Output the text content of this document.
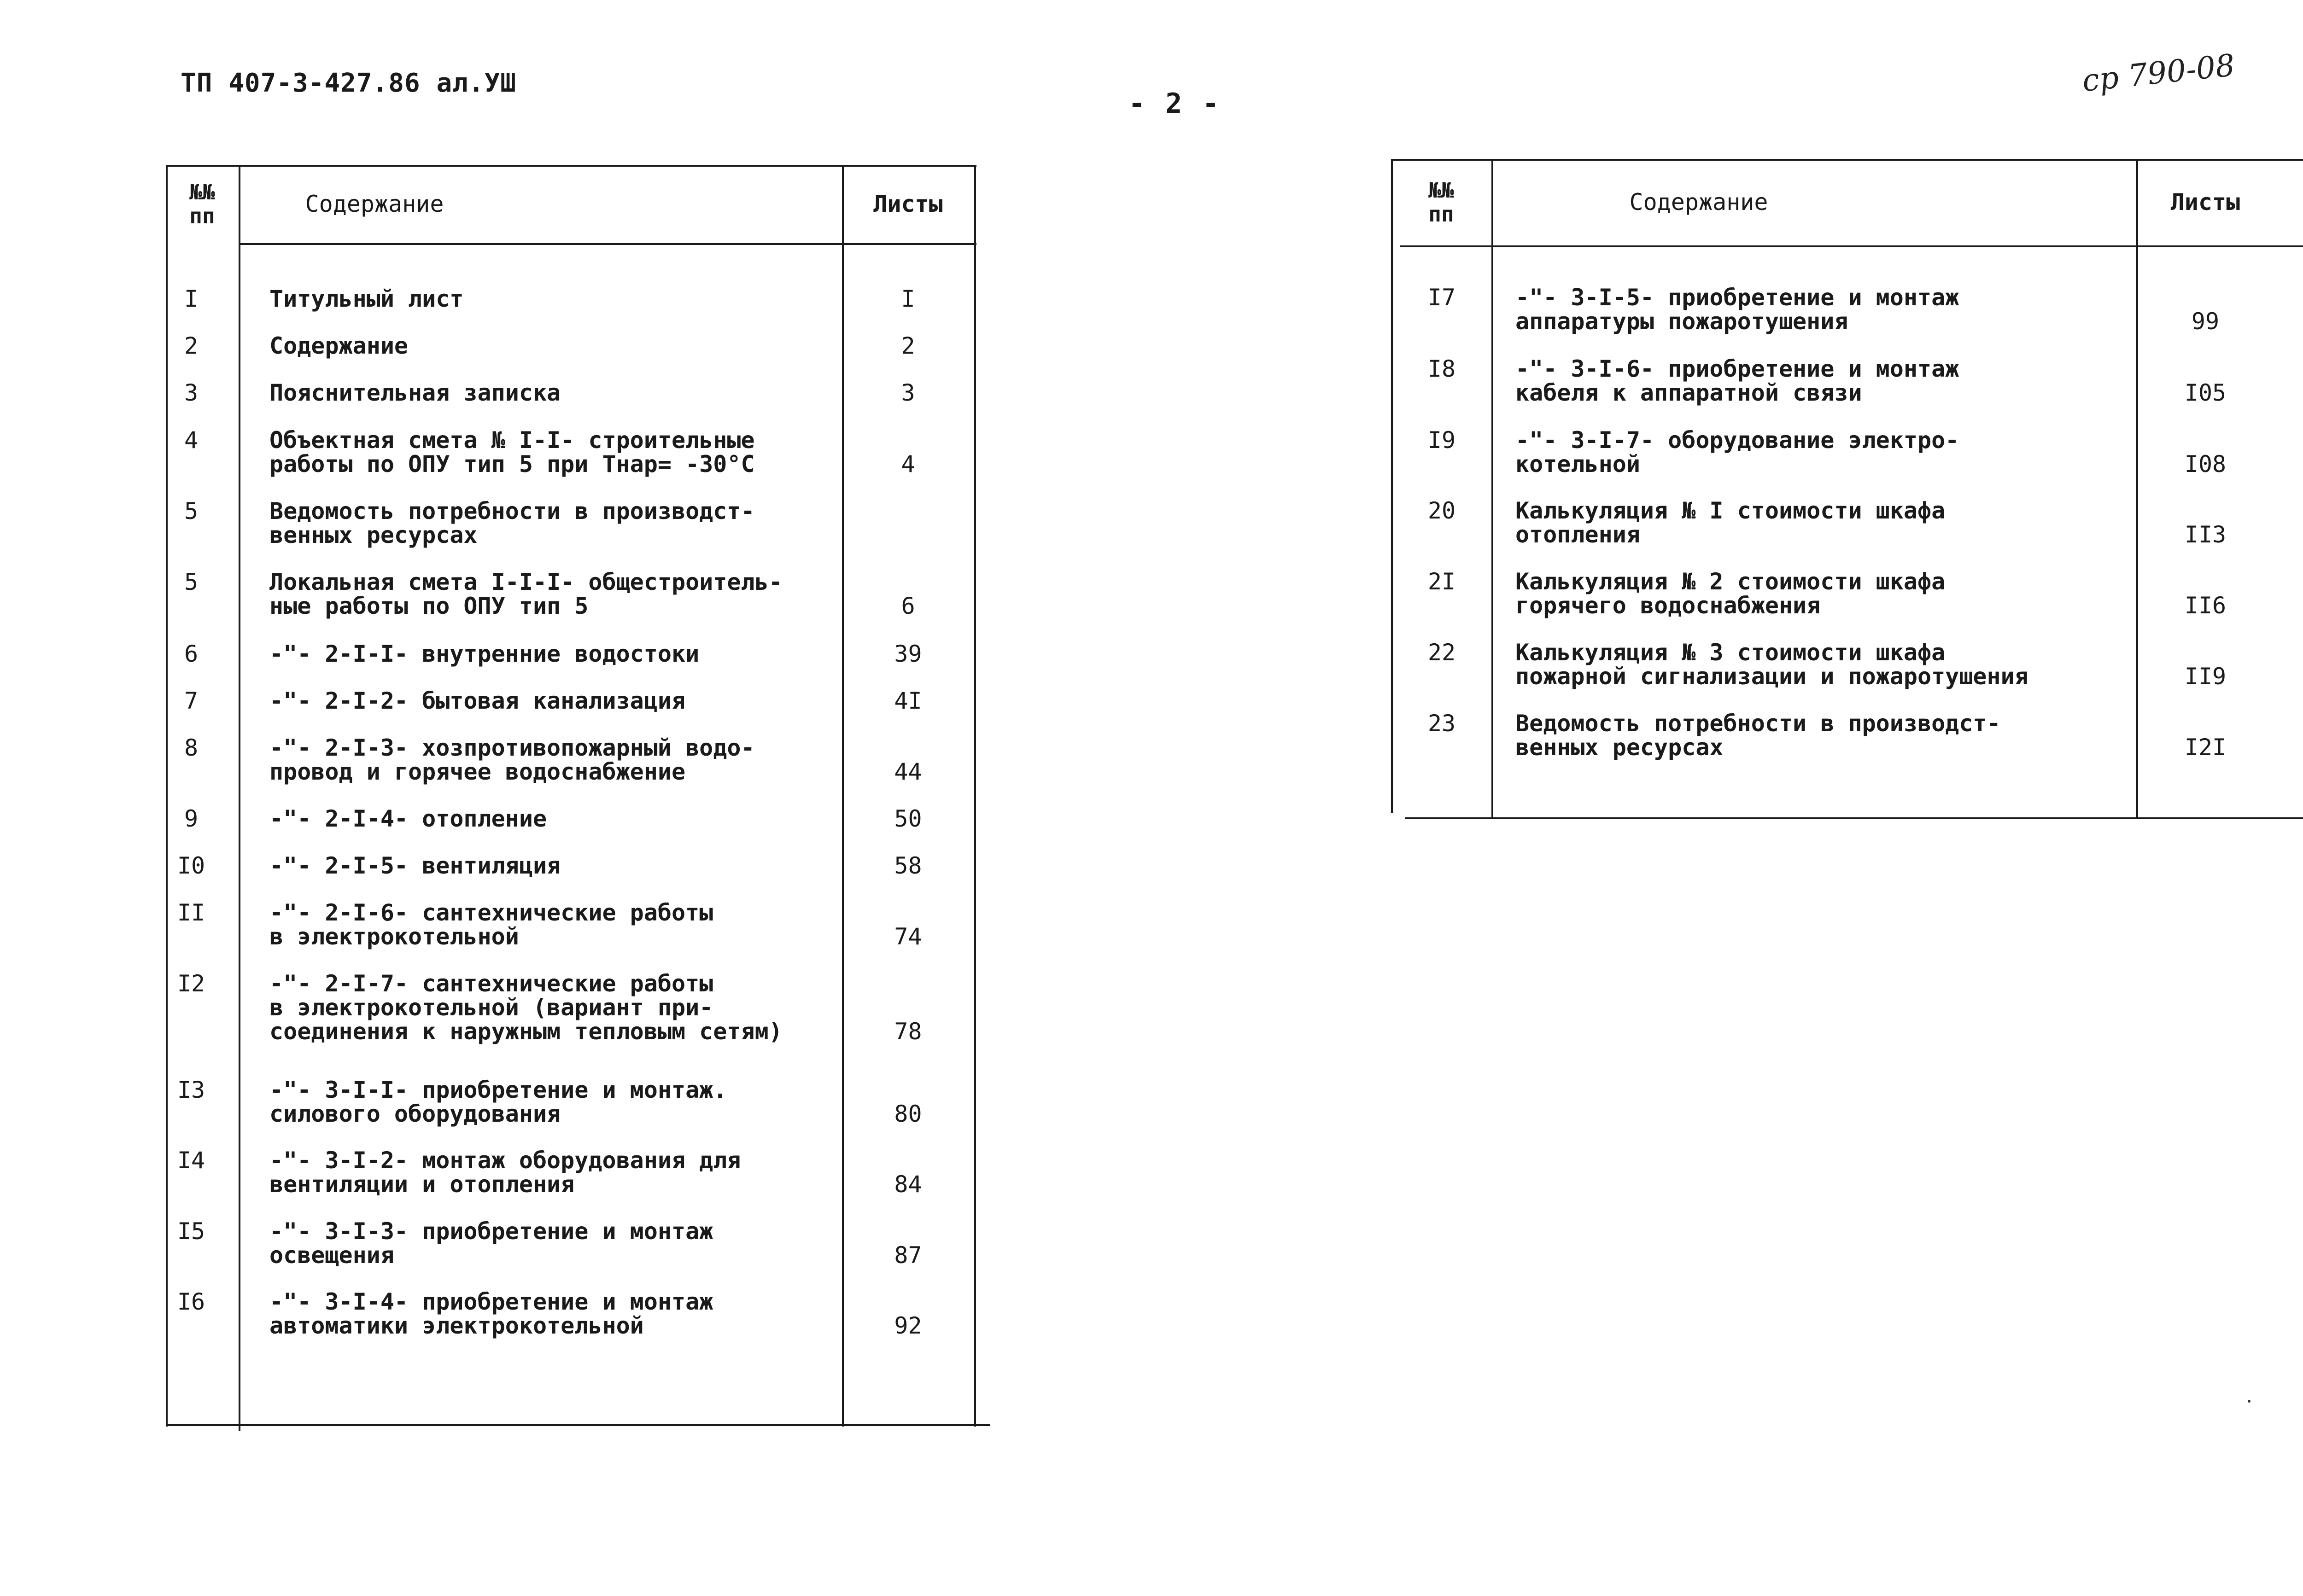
ТП 407-3-427.86 ал.УШ
- 2 -
ср 790-08
№№
пп	Содержание	Листы
I	Титульный лист	I
2	Содержание	2
3	Пояснительная записка	3
4	Объектная смета № I-I- строительные
работы по ОПУ тип 5 при Тнар= -30°С	4
5	Ведомость потребности в производст-
венных ресурсах
5	Локальная смета I-I-I- общестроитель-
ные работы по ОПУ тип 5	6
6	-"- 2-I-I- внутренние водостоки	39
7	-"- 2-I-2- бытовая канализация	4I
8	-"- 2-I-3- хозпротивопожарный водо-
провод и горячее водоснабжение	44
9	-"- 2-I-4- отопление	50
I0	-"- 2-I-5- вентиляция	58
II	-"- 2-I-6- сантехнические работы
в электрокотельной	74
I2	-"- 2-I-7- сантехнические работы
в электрокотельной (вариант при-
соединения к наружным тепловым сетям)	78
I3	-"- 3-I-I- приобретение и монтаж.
силового оборудования	80
I4	-"- 3-I-2- монтаж оборудования для
вентиляции и отопления	84
I5	-"- 3-I-3- приобретение и монтаж
освещения	87
I6	-"- 3-I-4- приобретение и монтаж
автоматики электрокотельной	92
№№
пп	Содержание	Листы
I7	-"- 3-I-5- приобретение и монтаж
аппаратуры пожаротушения	99
I8	-"- 3-I-6- приобретение и монтаж
кабеля к аппаратной связи	I05
I9	-"- 3-I-7- оборудование электро-
котельной	I08
20	Калькуляция № I стоимости шкафа
отопления	II3
2I	Калькуляция № 2 стоимости шкафа
горячего водоснабжения	II6
22	Калькуляция № 3 стоимости шкафа
пожарной сигнализации и пожаротушения	II9
23	Ведомость потребности в производст-
венных ресурсах	I2I
